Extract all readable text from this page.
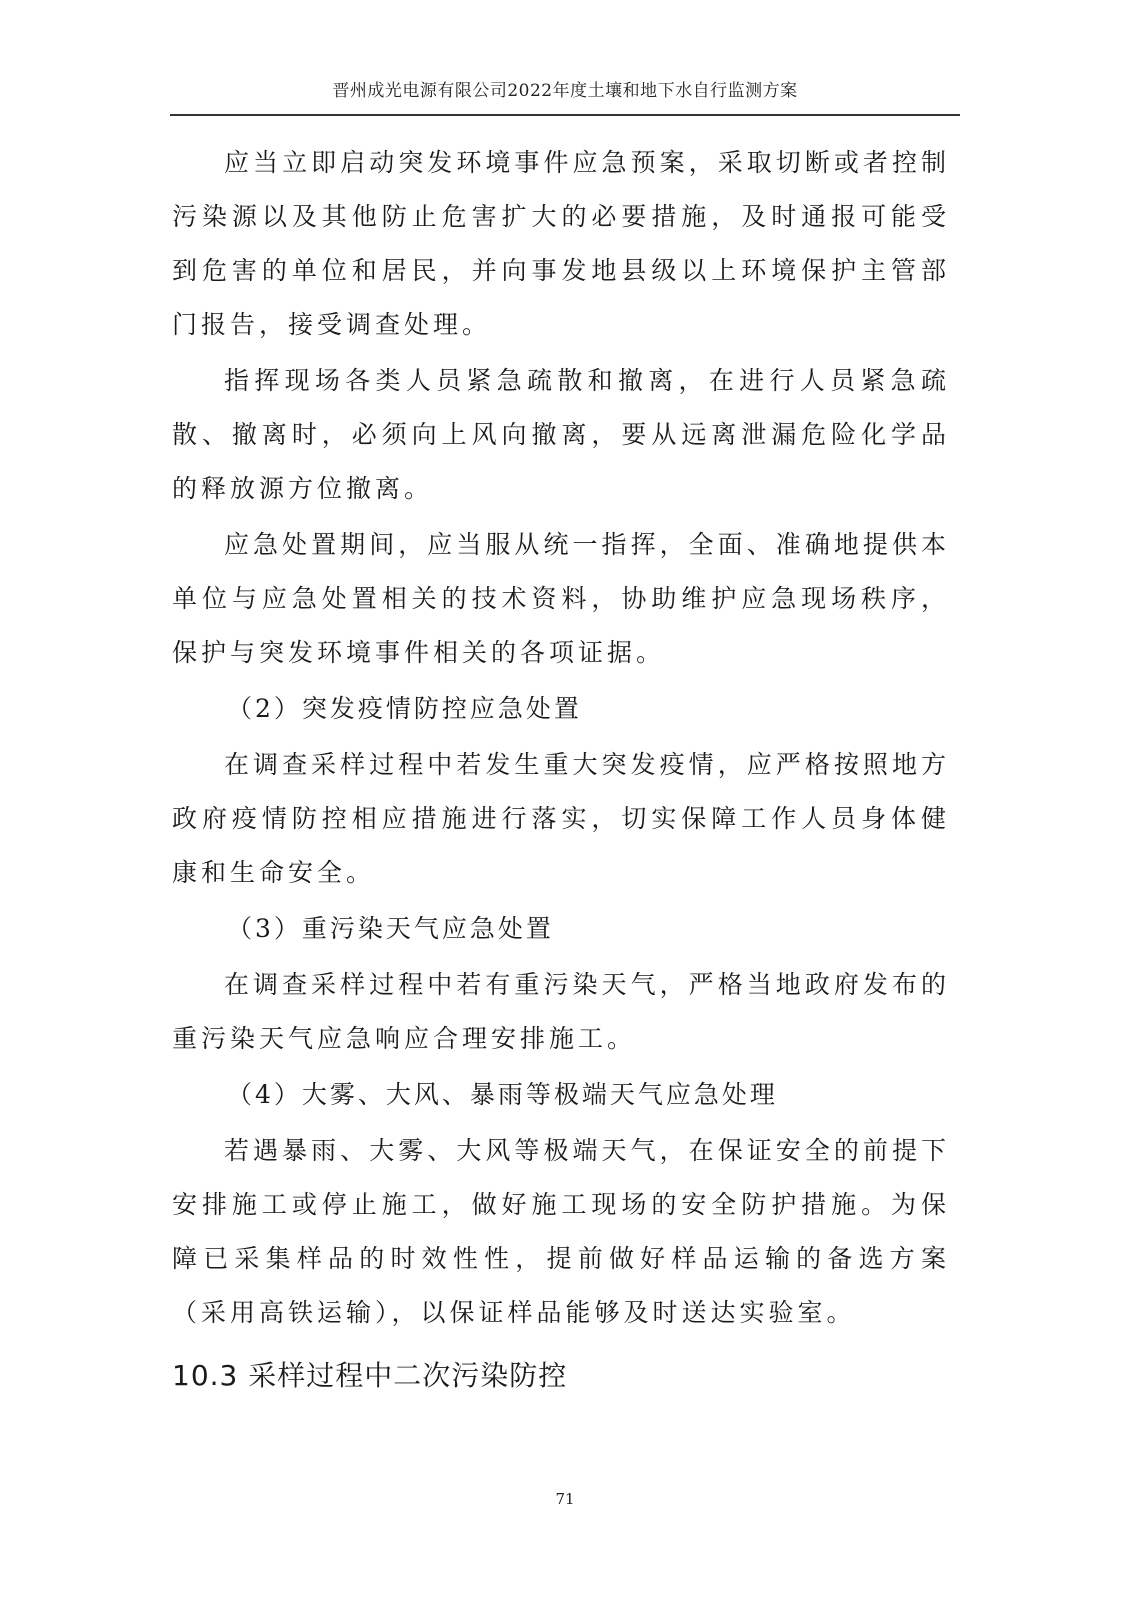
晋州成光电源有限公司2022年度土壤和地下水自行监测方案

应当立即启动突发环境事件应急预案，采取切断或者控制污染源以及其他防止危害扩大的必要措施，及时通报可能受到危害的单位和居民，并向事发地县级以上环境保护主管部门报告，接受调查处理。

指挥现场各类人员紧急疏散和撤离，在进行人员紧急疏散、撤离时，必须向上风向撤离，要从远离泄漏危险化学品的释放源方位撤离。

应急处置期间，应当服从统一指挥，全面、准确地提供本单位与应急处置相关的技术资料，协助维护应急现场秩序，保护与突发环境事件相关的各项证据。

（2）突发疫情防控应急处置

在调查采样过程中若发生重大突发疫情，应严格按照地方政府疫情防控相应措施进行落实，切实保障工作人员身体健康和生命安全。

（3）重污染天气应急处置

在调查采样过程中若有重污染天气，严格当地政府发布的重污染天气应急响应合理安排施工。

（4）大雾、大风、暴雨等极端天气应急处理

若遇暴雨、大雾、大风等极端天气，在保证安全的前提下安排施工或停止施工，做好施工现场的安全防护措施。为保障已采集样品的时效性性，提前做好样品运输的备选方案（采用高铁运输），以保证样品能够及时送达实验室。

10.3 采样过程中二次污染防控
71
